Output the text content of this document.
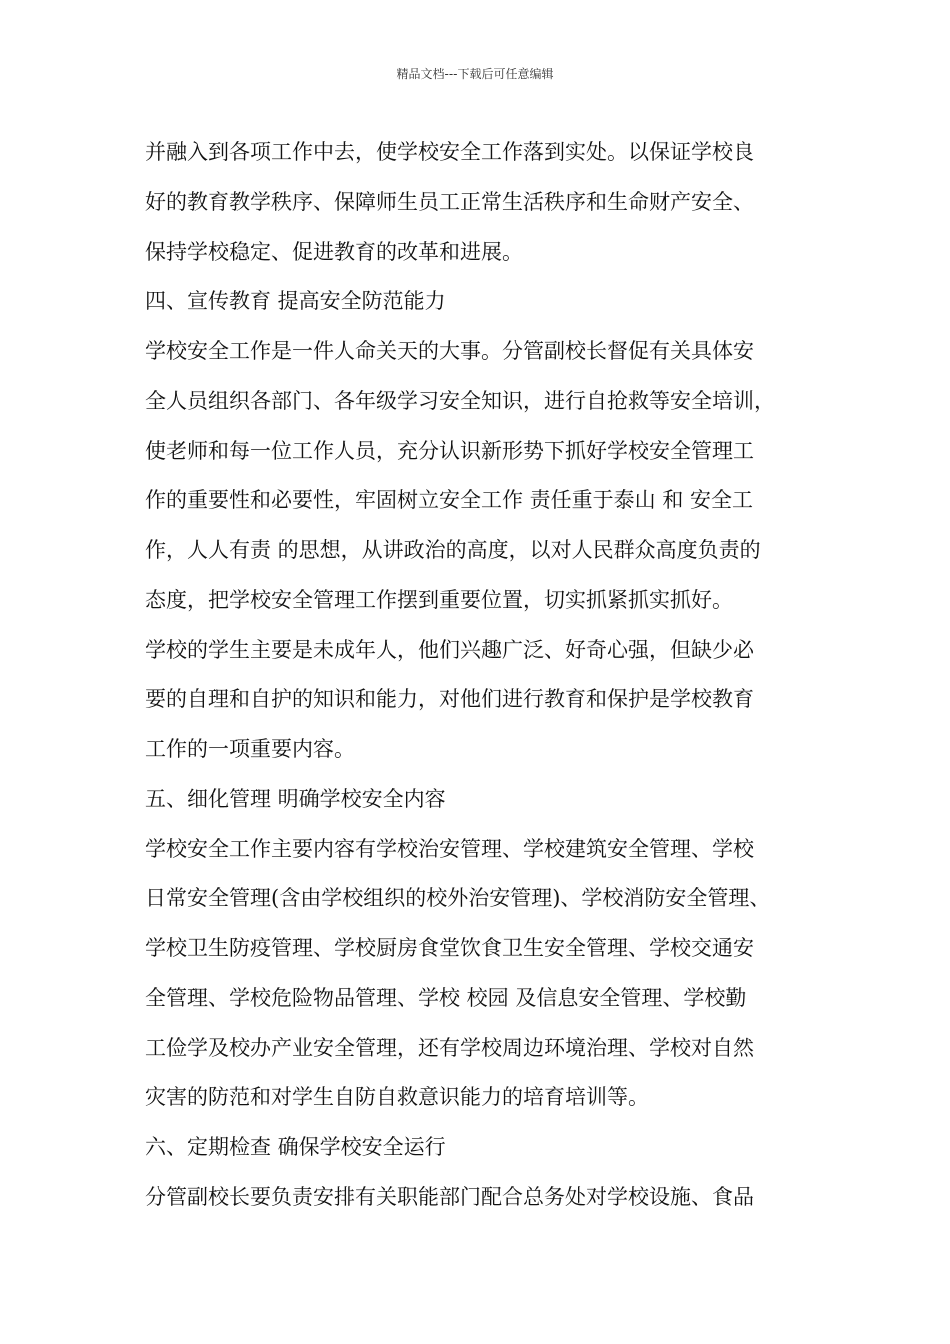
精品文档---下载后可任意编辑
并融入到各项工作中去，使学校安全工作落到实处。以保证学校良
好的教育教学秩序、保障师生员工正常生活秩序和生命财产安全、
保持学校稳定、促进教育的改革和进展。
四、宣传教育 提高安全防范能力
学校安全工作是一件人命关天的大事。分管副校长督促有关具体安
全人员组织各部门、各年级学习安全知识，进行自抢救等安全培训，
使老师和每一位工作人员，充分认识新形势下抓好学校安全管理工
作的重要性和必要性，牢固树立安全工作 责任重于泰山 和 安全工
作，人人有责 的思想，从讲政治的高度，以对人民群众高度负责的
态度，把学校安全管理工作摆到重要位置，切实抓紧抓实抓好。
学校的学生主要是未成年人，他们兴趣广泛、好奇心强，但缺少必
要的自理和自护的知识和能力，对他们进行教育和保护是学校教育
工作的一项重要内容。
五、细化管理 明确学校安全内容
学校安全工作主要内容有学校治安管理、学校建筑安全管理、学校
日常安全管理(含由学校组织的校外治安管理)、学校消防安全管理、
学校卫生防疫管理、学校厨房食堂饮食卫生安全管理、学校交通安
全管理、学校危险物品管理、学校 校园 及信息安全管理、学校勤
工俭学及校办产业安全管理，还有学校周边环境治理、学校对自然
灾害的防范和对学生自防自救意识能力的培育培训等。
六、定期检查 确保学校安全运行
分管副校长要负责安排有关职能部门配合总务处对学校设施、食品
